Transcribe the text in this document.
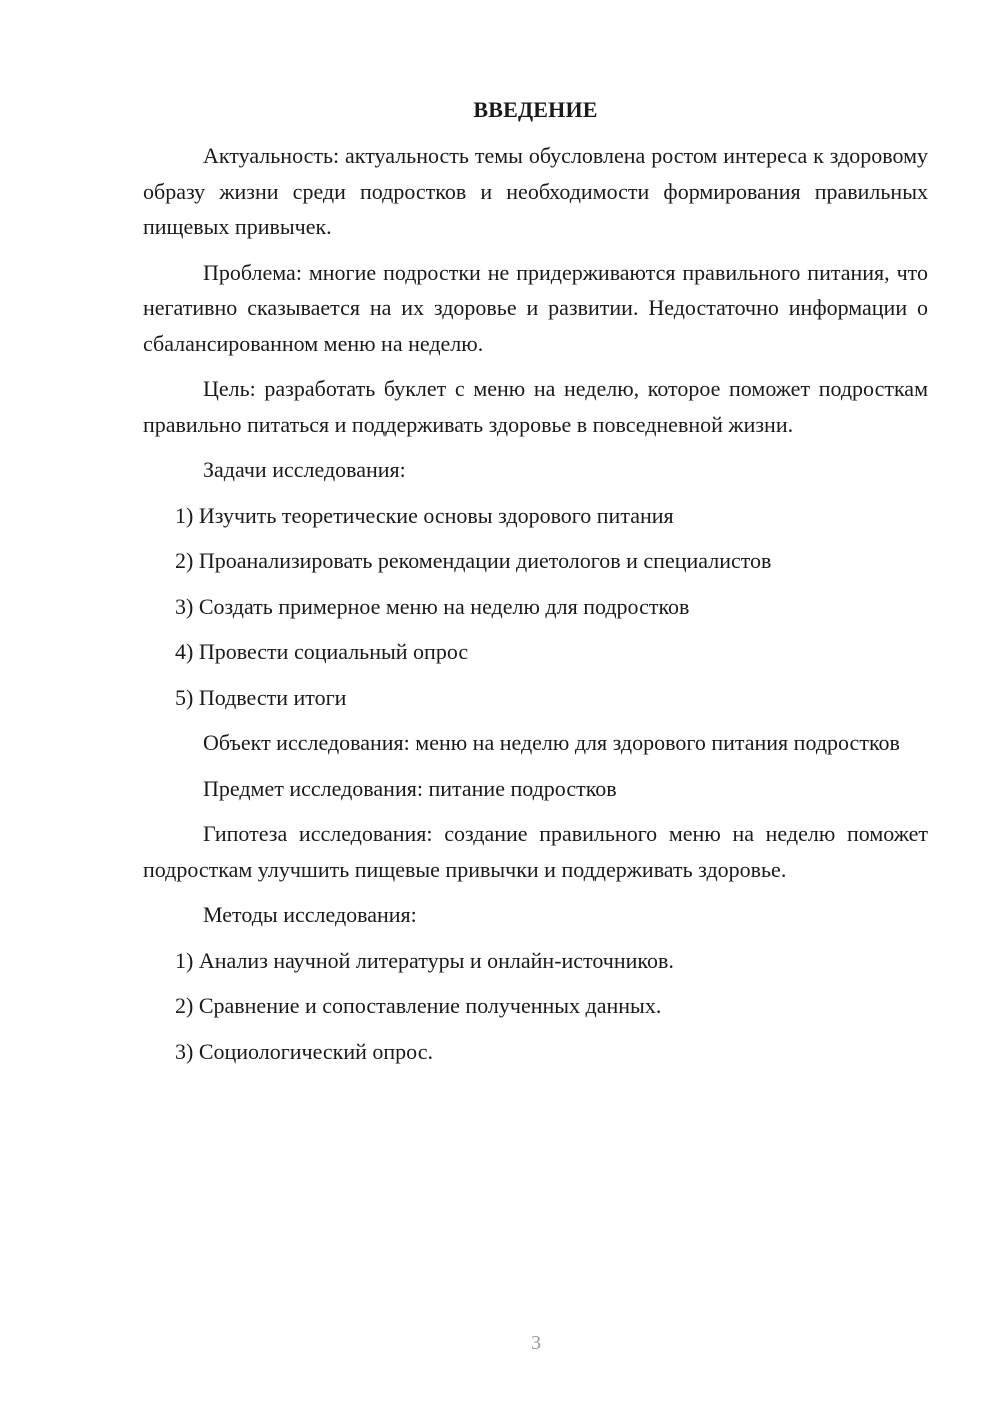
ВВЕДЕНИЕ

Актуальность: актуальность темы обусловлена ростом интереса к здоровому образу жизни среди подростков и необходимости формирования правильных пищевых привычек.

Проблема: многие подростки не придерживаются правильного питания, что негативно сказывается на их здоровье и развитии. Недостаточно информации о сбалансированном меню на неделю.

Цель: разработать буклет с меню на неделю, которое поможет подросткам правильно питаться и поддерживать здоровье в повседневной жизни.

Задачи исследования:

1) Изучить теоретические основы здорового питания
2) Проанализировать рекомендации диетологов и специалистов
3) Создать примерное меню на неделю для подростков
4) Провести социальный опрос
5) Подвести итоги

Объект исследования: меню на неделю для здорового питания подростков

Предмет исследования: питание подростков

Гипотеза исследования: создание правильного меню на неделю поможет подросткам улучшить пищевые привычки и поддерживать здоровье.

Методы исследования:

1) Анализ научной литературы и онлайн-источников.
2) Сравнение и сопоставление полученных данных.
3) Социологический опрос.
3
